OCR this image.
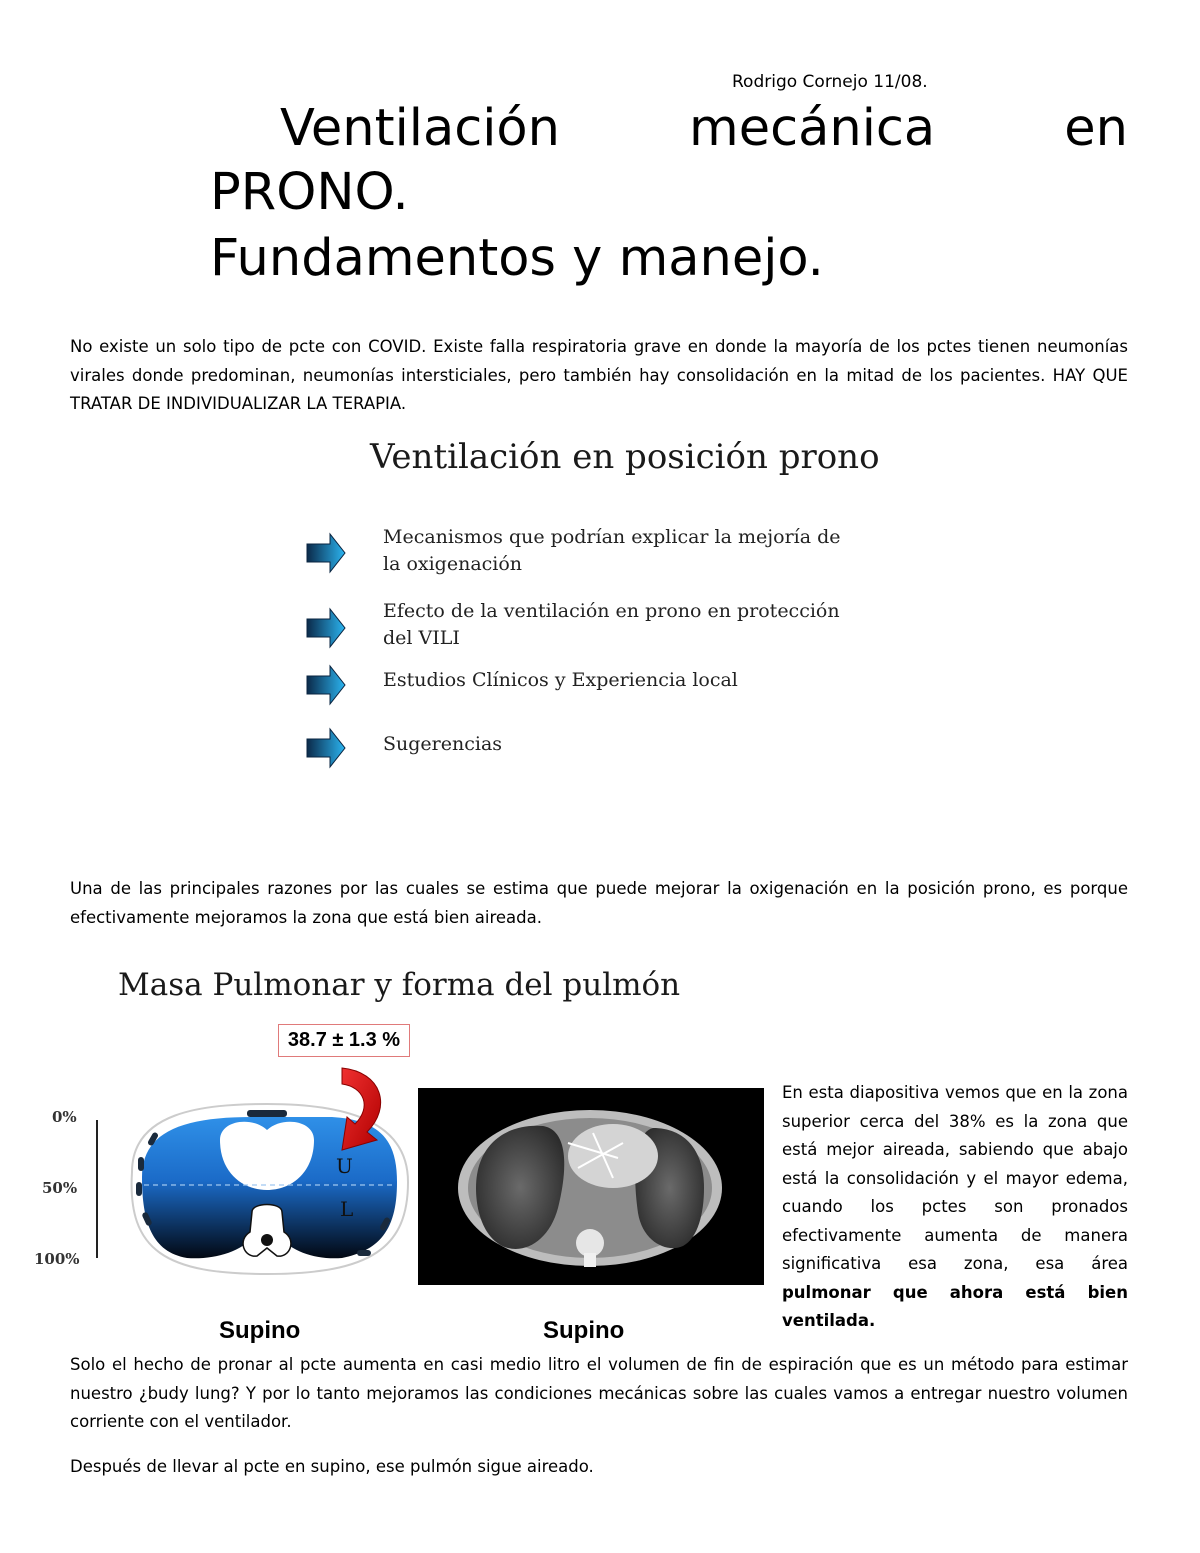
Rodrigo Cornejo 11/08.
Ventilación	mecánica	en
PRONO.
Fundamentos y manejo.

No existe un solo tipo de pcte con COVID. Existe falla respiratoria grave en donde la mayoría de los pctes tienen neumonías virales donde predominan, neumonías intersticiales, pero también hay consolidación en la mitad de los pacientes. HAY QUE TRATAR DE INDIVIDUALIZAR LA TERAPIA.

Ventilación en posición prono
Mecanismos que podrían explicar la mejoría de la oxigenación
Efecto de la ventilación en prono en protección del VILI
Estudios Clínicos y Experiencia local
Sugerencias

Una de las principales razones por las cuales se estima que puede mejorar la oxigenación en la posición prono, es porque efectivamente mejoramos la zona que está bien aireada.

Masa Pulmonar y forma del pulmón
38.7 ± 1.3 %
0%
50%
100%
U
L
Supino	Supino

En esta diapositiva vemos que en la zona superior cerca del 38% es la zona que está mejor aireada, sabiendo que abajo está la consolidación y el mayor edema, cuando los pctes son pronados efectivamente aumenta de manera significativa esa zona, esa área pulmonar que ahora está bien ventilada.

Solo el hecho de pronar al pcte aumenta en casi medio litro el volumen de fin de espiración que es un método para estimar nuestro ¿budy lung? Y por lo tanto mejoramos las condiciones mecánicas sobre las cuales vamos a entregar nuestro volumen corriente con el ventilador.

Después de llevar al pcte en supino, ese pulmón sigue aireado.
